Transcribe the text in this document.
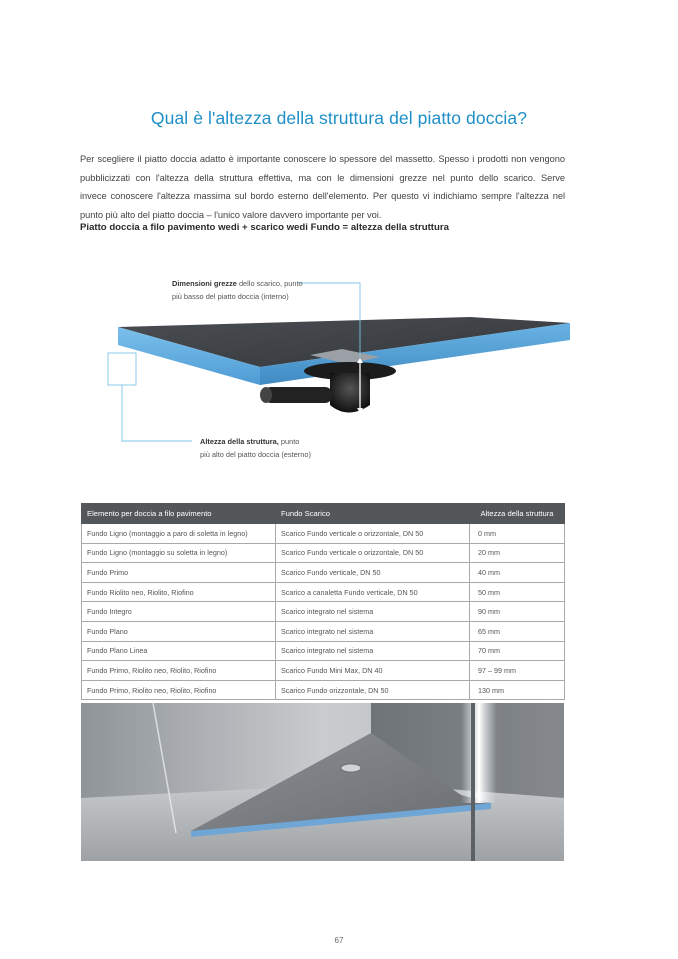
Qual è l'altezza della struttura del piatto doccia?
Per scegliere il piatto doccia adatto è importante conoscere lo spessore del massetto. Spesso i prodotti non vengono
pubblicizzati con l'altezza della struttura effettiva, ma con le dimensioni grezze nel punto dello scarico. Serve
invece conoscere l'altezza massima sul bordo esterno dell'elemento. Per questo vi indichiamo sempre l'altezza nel
punto più alto del piatto doccia – l'unico valore davvero importante per voi.
Piatto doccia a filo pavimento wedi + scarico wedi Fundo = altezza della struttura
Dimensioni grezze dello scarico, punto
più basso del piatto doccia (interno)
Altezza della struttura, punto
più alto del piatto doccia (esterno)
Elemento per doccia a filo pavimento	Fundo Scarico	Altezza della struttura
Fundo Ligno (montaggio a paro di soletta in legno)	Scarico Fundo verticale o orizzontale, DN 50	0 mm
Fundo Ligno (montaggio su soletta in legno)	Scarico Fundo verticale o orizzontale, DN 50	20 mm
Fundo Primo	Scarico Fundo verticale, DN 50	40 mm
Fundo Riolito neo, Riolito, Riofino	Scarico a canaletta Fundo verticale, DN 50	50 mm
Fundo Integro	Scarico integrato nel sistema	90 mm
Fundo Plano	Scarico integrato nel sistema	65 mm
Fundo Plano Linea	Scarico integrato nel sistema	70 mm
Fundo Primo, Riolito neo, Riolito, Riofino	Scarico Fundo Mini Max, DN 40	97 – 99 mm
Fundo Primo, Riolito neo, Riolito, Riofino	Scarico Fundo orizzontale, DN 50	130 mm
67
